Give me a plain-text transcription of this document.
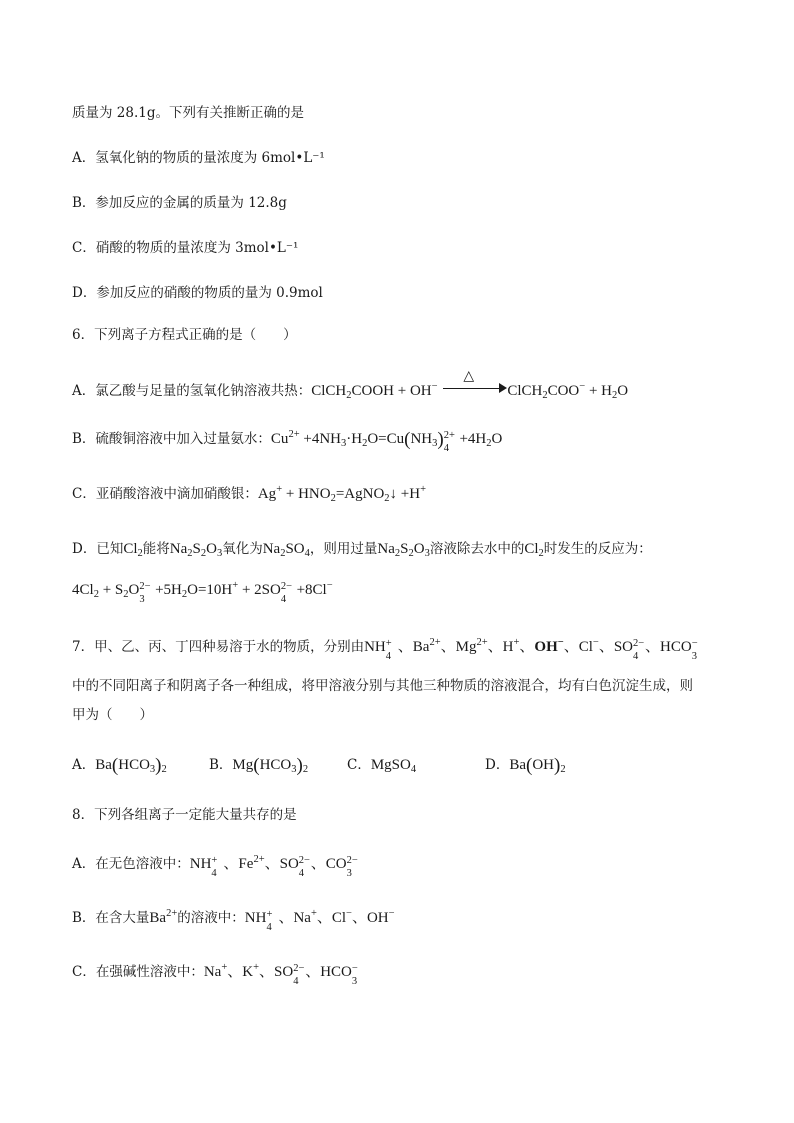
质量为 28.1g。下列有关推断正确的是
A．氢氧化钠的物质的量浓度为 6mol•L⁻¹
B．参加反应的金属的质量为 12.8g
C．硝酸的物质的量浓度为 3mol•L⁻¹
D．参加反应的硝酸的物质的量为 0.9mol
6．下列离子方程式正确的是（　　）
A．氯乙酸与足量的氢氧化钠溶液共热：ClCH$_2$COOH + OH−
△
ClCH$_2$COO− + $H_2O$
B．硫酸铜溶液中加入过量氨水：$Cu^{2+} +4NH_3\cdot H_2O=Cu(NH_3)$ 2+
4
$+4H_2O$
C．亚硝酸溶液中滴加硝酸银：$Ag^+ + HNO_2=AgNO_2↓ +H^+$
D．已知$Cl_2$能将$Na_2S_2O_3$氧化为$Na_2SO_4$，则用过量$Na_2S_2O_3$溶液除去水中的$Cl_2$时发生的反应为：
$4Cl_2 + S_2O$ 2−
3
$+5H_2O=10H^+ + 2SO$ 2−
4
+8Cl−
7．甲、乙、丙、丁四种易溶于水的物质，分别由NH +
4
、$Ba^{2+}$、$Mg^{2+}$、H+、OH−、Cl−、SO 2−
4
、HCO −
3
中的不同阳离子和阴离子各一种组成，将甲溶液分别与其他三种物质的溶液混合，均有白色沉淀生成，则
甲为（　　）
A．$Ba(HCO_3)_2$	B．$Mg(HCO_3)_2$	C．MgSO$_4$	D．$Ba(OH)_2$
8．下列各组离子一定能大量共存的是
A．在无色溶液中：NH +
4
、$Fe^{2+}$、SO 2−
4
、CO 2−
3
B．在含大量$Ba^{2+}$的溶液中：NH +
4
、Na+、Cl−、OH−
C．在强碱性溶液中：Na+、K+、SO 2−
4
、HCO −
3
